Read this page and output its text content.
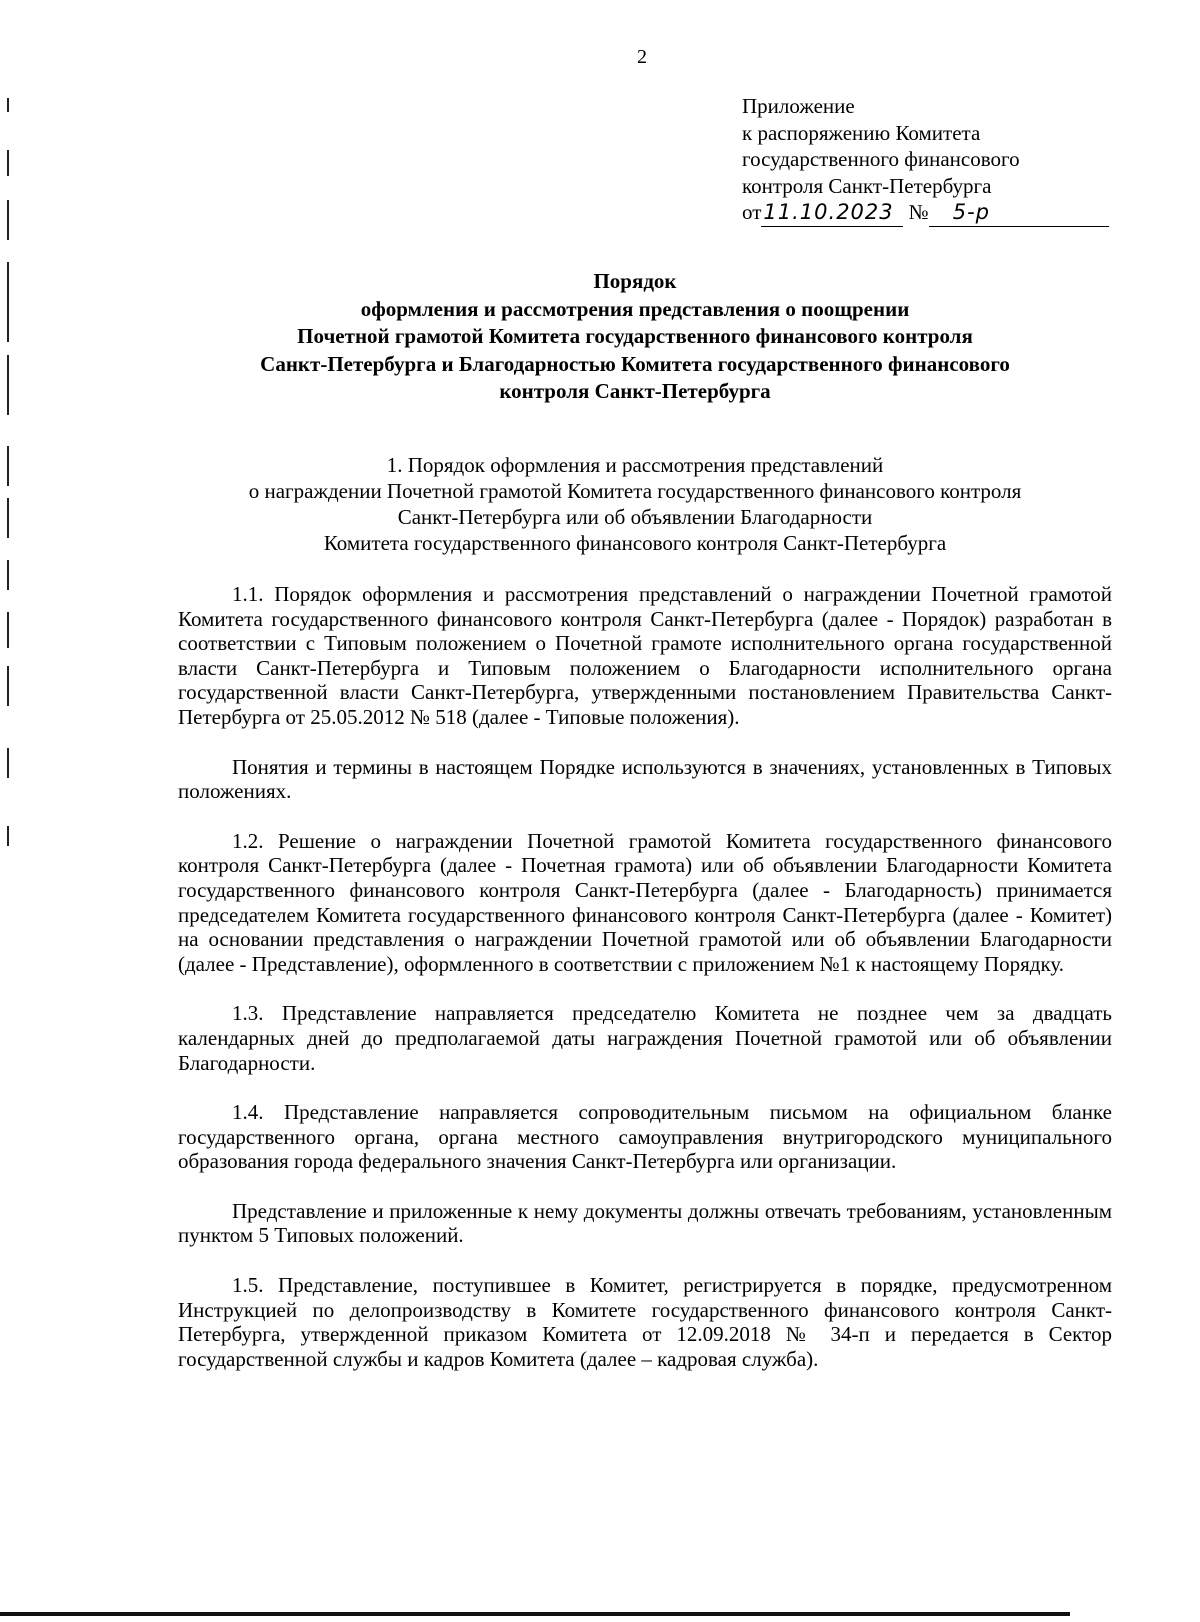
2
Приложение
к распоряжению Комитета
государственного финансового
контроля Санкт-Петербурга
от11.10.2023 № 5-р
Порядок
оформления и рассмотрения представления о поощрении
Почетной грамотой Комитета государственного финансового контроля
Санкт-Петербурга и Благодарностью Комитета государственного финансового
контроля Санкт-Петербурга
1. Порядок оформления и рассмотрения представлений
о награждении Почетной грамотой Комитета государственного финансового контроля
Санкт-Петербурга или об объявлении Благодарности
Комитета государственного финансового контроля Санкт-Петербурга

1.1. Порядок оформления и рассмотрения представлений о награждении Почетной грамотой Комитета государственного финансового контроля Санкт-Петербурга (далее - Порядок) разработан в соответствии с Типовым положением о Почетной грамоте исполнительного органа государственной власти Санкт-Петербурга и Типовым положением о Благодарности исполнительного органа государственной власти Санкт-Петербурга, утвержденными постановлением Правительства Санкт-Петербурга от 25.05.2012 № 518 (далее - Типовые положения).

Понятия и термины в настоящем Порядке используются в значениях, установленных в Типовых положениях.

1.2. Решение о награждении Почетной грамотой Комитета государственного финансового контроля Санкт-Петербурга (далее - Почетная грамота) или об объявлении Благодарности Комитета государственного финансового контроля Санкт-Петербурга (далее - Благодарность) принимается председателем Комитета государственного финансового контроля Санкт-Петербурга (далее - Комитет) на основании представления о награждении Почетной грамотой или об объявлении Благодарности (далее - Представление), оформленного в соответствии с приложением №1 к настоящему Порядку.

1.3. Представление направляется председателю Комитета не позднее чем за двадцать календарных дней до предполагаемой даты награждения Почетной грамотой или об объявлении Благодарности.

1.4. Представление направляется сопроводительным письмом на официальном бланке государственного органа, органа местного самоуправления внутригородского муниципального образования города федерального значения Санкт-Петербурга или организации.

Представление и приложенные к нему документы должны отвечать требованиям, установленным пунктом 5 Типовых положений.

1.5. Представление, поступившее в Комитет, регистрируется в порядке, предусмотренном Инструкцией по делопроизводству в Комитете государственного финансового контроля Санкт-Петербурга, утвержденной приказом Комитета от 12.09.2018 № 34-п и передается в Сектор государственной службы и кадров Комитета (далее – кадровая служба).
